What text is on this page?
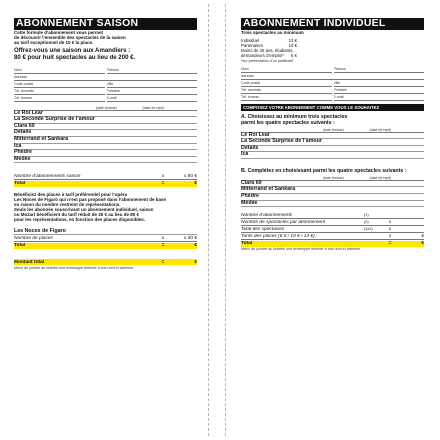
ABONNEMENT SAISON
Cette formule d’abonnement vous permet
de découvrir l’ensemble des spectacles de la saison
au tarif exceptionnel de 10 € la place.
Offrez-vous une saison aux Amandiers :
80 € pour huit spectacles au lieu de 200 €.
Nom	Prénom
Adresse
Code postal	Ville
Tél. domicile	Portable
Tél. bureau	E-mail
(date choisie)	(date de repli)
Le Roi Lear
La Seconde Surprise de l’amour
Clara 69
Détails
Mitterrand et Sankara
Ica
Phèdre
Médée
Nombre d’abonnements saison	x	x 80 €
Total	=	€
Bénéficiez des places à tarif préférentiel pour l’opéra
Les Noces de Figaro qui n’est pas proposé dans l’abonnement de base
en raison du nombre restreint de représentations.
Seuls les abonnés souscrivant un abonnement individuel, saison
ou Mozart bénéficient du tarif réduit de 30 € au lieu de 80 €
pour les représentations, en fonction des places disponibles.
Les Noces de Figaro
Nombre de places	x	x 30 €
Total	=	€
Montant total	=	€
Merci de joindre au bulletin une enveloppe timbrée à vos nom et adresse.
ABONNEMENT INDIVIDUEL
Trois spectacles au minimum
Individuel	13 €
Partenaires	10 €
Moins de 26 ans, étudiants,
demandeurs d’emploi*	6 €
*sur présentation d’un justificatif
Nom	Prénom
Adresse
Code postal	Ville
Tél. domicile	Portable
Tél. bureau	E-mail
COMPOSEZ VOTRE ABONNEMENT COMME VOUS LE SOUHAITEZ
A. Choisissez au minimum trois spectacles
parmi les quatre spectacles suivants :
(date choisie)	(date de repli)
Le Roi Lear
La Seconde Surprise de l’amour
Détails
Ica
B. Complétez en choisissant parmi les quatre spectacles suivants :
(date choisie)	(date de repli)
Clara 69
Mitterrand et Sankara
Phèdre
Médée
Nombre d’abonnements	(1)
Nombre de spectacles par abonnement	(2)	x
Total des spectacles	(1x2)	x
Tarifs des places (6 € / 10 € / 13 €) :	x	€
Total	=	€
Merci de joindre au bulletin une enveloppe timbrée à vos nom et adresse.
